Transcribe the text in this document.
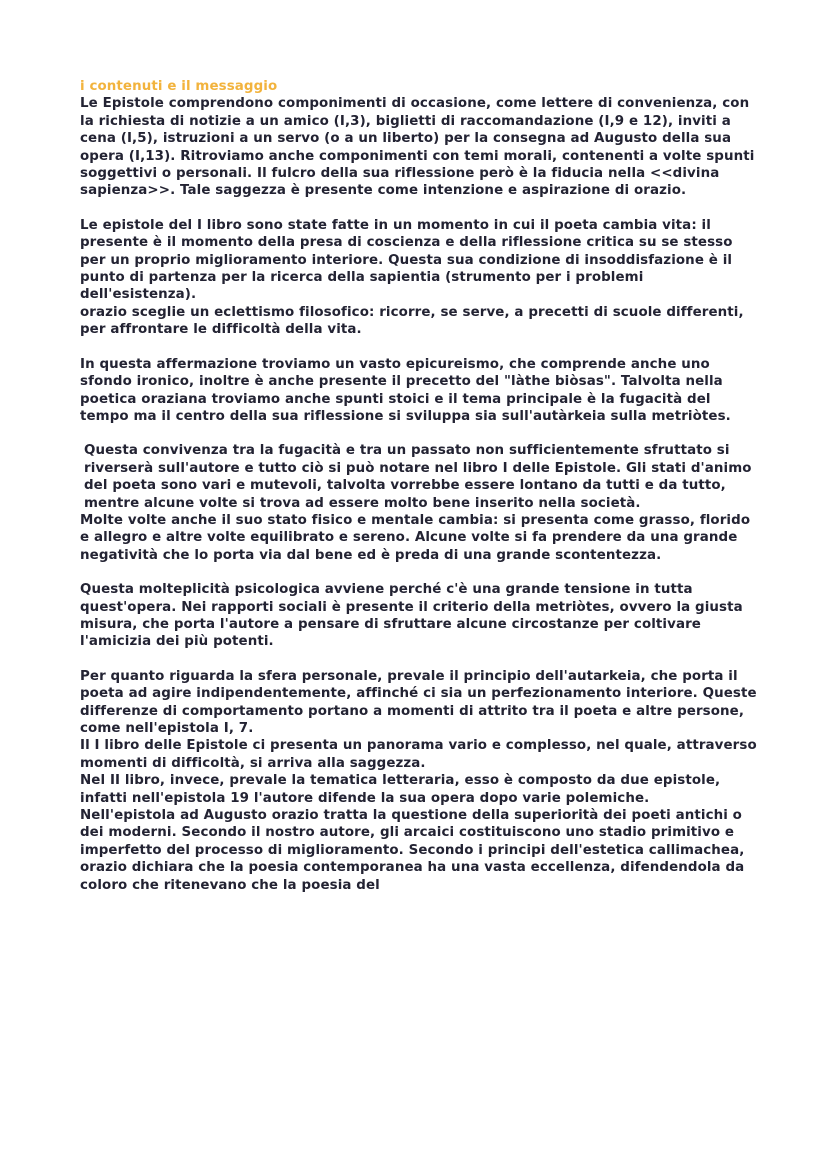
i contenuti e il messaggio

Le Epistole comprendono componimenti di occasione, come lettere di convenienza, con la richiesta di notizie a un amico (I,3), biglietti di raccomandazione (I,9 e 12), inviti a cena (I,5), istruzioni a un servo (o a un liberto) per la consegna ad Augusto della sua opera (I,13). Ritroviamo anche componimenti con temi morali, contenenti a volte spunti soggettivi o personali. Il fulcro della sua riflessione però è la fiducia nella <<divina sapienza>>. Tale saggezza è presente come intenzione e aspirazione di orazio.

Le epistole del I libro sono state fatte in un momento in cui il poeta cambia vita: il presente è il momento della presa di coscienza e della riflessione critica su se stesso per un proprio miglioramento interiore. Questa sua condizione di insoddisfazione è il punto di partenza per la ricerca della sapientia (strumento per i problemi dell'esistenza).

orazio sceglie un eclettismo filosofico: ricorre, se serve, a precetti di scuole differenti, per affrontare le difficoltà della vita.

In questa affermazione troviamo un vasto epicureismo, che comprende anche uno sfondo ironico, inoltre è anche presente il precetto del "làthe biòsas". Talvolta nella poetica oraziana troviamo anche spunti stoici e il tema principale è la fugacità del tempo ma il centro della sua riflessione si sviluppa sia sull'autàrkeia sulla metriòtes.

Questa convivenza tra la fugacità e tra un passato non sufficientemente sfruttato si riverserà sull'autore e tutto ciò si può notare nel libro I delle Epistole. Gli stati d'animo del poeta sono vari e mutevoli, talvolta vorrebbe essere lontano da tutti e da tutto, mentre alcune volte si trova ad essere molto bene inserito nella società.

Molte volte anche il suo stato fisico e mentale cambia: si presenta come grasso, florido e allegro e altre volte equilibrato e sereno. Alcune volte si fa prendere da una grande negatività che lo porta via dal bene ed è preda di una grande scontentezza.

Questa molteplicità psicologica avviene perché c'è una grande tensione in tutta quest'opera. Nei rapporti sociali è presente il criterio della metriòtes, ovvero la giusta misura, che porta l'autore a pensare di sfruttare alcune circostanze per coltivare l'amicizia dei più potenti.

Per quanto riguarda la sfera personale, prevale il principio dell'autarkeia, che porta il poeta ad agire indipendentemente, affinché ci sia un perfezionamento interiore. Queste differenze di comportamento portano a momenti di attrito tra il poeta e altre persone, come nell'epistola I, 7.

Il I libro delle Epistole ci presenta un panorama vario e complesso, nel quale, attraverso momenti di difficoltà, si arriva alla saggezza.

Nel II libro, invece, prevale la tematica letteraria, esso è composto da due epistole, infatti nell'epistola 19 l'autore difende la sua opera dopo varie polemiche.

Nell'epistola ad Augusto orazio tratta la questione della superiorità dei poeti antichi o dei moderni. Secondo il nostro autore, gli arcaici costituiscono uno stadio primitivo e imperfetto del processo di miglioramento. Secondo i principi dell'estetica callimachea, orazio dichiara che la poesia contemporanea ha una vasta eccellenza, difendendola da coloro che ritenevano che la poesia del
